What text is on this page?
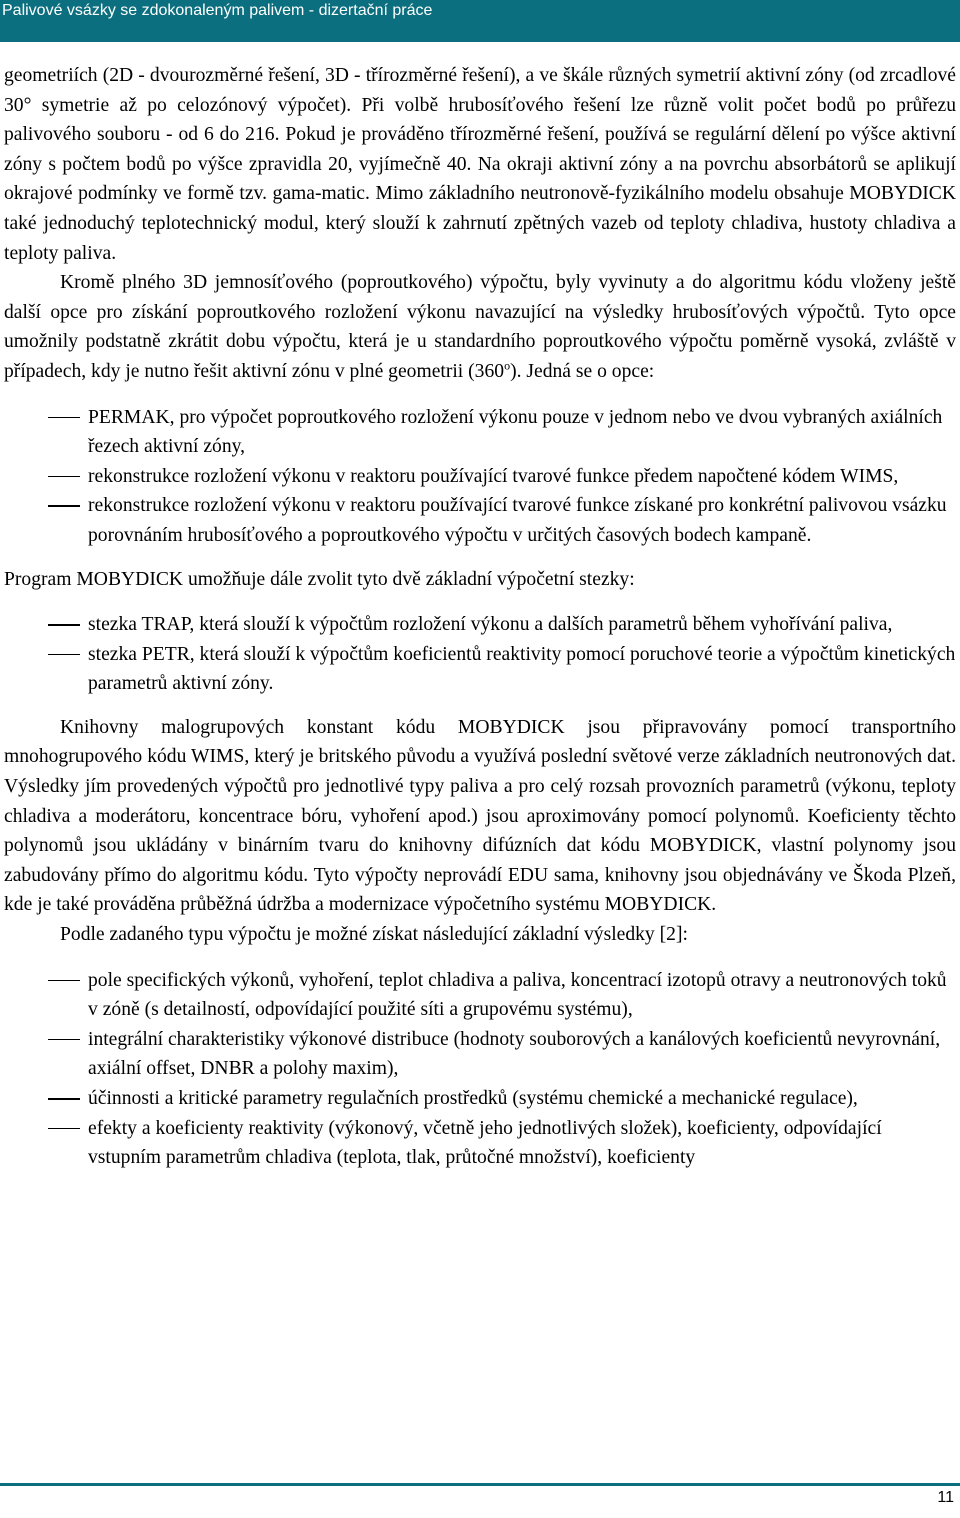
Palivové vsázky se zdokonaleným palivem - dizertační práce

geometriích (2D - dvourozměrné řešení, 3D - třírozměrné řešení), a ve škále různých symetrií aktivní zóny (od zrcadlové 30° symetrie až po celozónový výpočet). Při volbě hrubosíťového řešení lze různě volit počet bodů po průřezu palivového souboru - od 6 do 216. Pokud je prováděno třírozměrné řešení, používá se regulární dělení po výšce aktivní zóny s počtem bodů po výšce zpravidla 20, vyjímečně 40. Na okraji aktivní zóny a na povrchu absorbátorů se aplikují okrajové podmínky ve formě tzv. gama-matic. Mimo základního neutronově-fyzikálního modelu obsahuje MOBYDICK také jednoduchý teplotechnický modul, který slouží k zahrnutí zpětných vazeb od teploty chladiva, hustoty chladiva a teploty paliva.

Kromě plného 3D jemnosíťového (poproutkového) výpočtu, byly vyvinuty a do algoritmu kódu vloženy ještě další opce pro získání poproutkového rozložení výkonu navazující na výsledky hrubosíťových výpočtů. Tyto opce umožnily podstatně zkrátit dobu výpočtu, která je u standardního poproutkového výpočtu poměrně vysoká, zvláště v případech, kdy je nutno řešit aktivní zónu v plné geometrii (360$^o$). Jedná se o opce:

PERMAK, pro výpočet poproutkového rozložení výkonu pouze v jednom nebo ve dvou vybraných axiálních řezech aktivní zóny,
rekonstrukce rozložení výkonu v reaktoru používající tvarové funkce předem napočtené kódem WIMS,
rekonstrukce rozložení výkonu v reaktoru používající tvarové funkce získané pro konkrétní palivovou vsázku porovnáním hrubosíťového a poproutkového výpočtu v určitých časových bodech kampaně.

Program MOBYDICK umožňuje dále zvolit tyto dvě základní výpočetní stezky:

stezka TRAP, která slouží k výpočtům rozložení výkonu a dalších parametrů během vyhořívání paliva,
stezka PETR, která slouží k výpočtům koeficientů reaktivity pomocí poruchové teorie a výpočtům kinetických parametrů aktivní zóny.

Knihovny malogrupových konstant kódu MOBYDICK jsou připravovány pomocí transportního mnohogrupového kódu WIMS, který je britského původu a využívá poslední světové verze základních neutronových dat. Výsledky jím provedených výpočtů pro jednotlivé typy paliva a pro celý rozsah provozních parametrů (výkonu, teploty chladiva a moderátoru, koncentrace bóru, vyhoření apod.) jsou aproximovány pomocí polynomů. Koeficienty těchto polynomů jsou ukládány v binárním tvaru do knihovny difúzních dat kódu MOBYDICK, vlastní polynomy jsou zabudovány přímo do algoritmu kódu. Tyto výpočty neprovádí EDU sama, knihovny jsou objednávány ve Škoda Plzeň, kde je také prováděna průběžná údržba a modernizace výpočetního systému MOBYDICK.

Podle zadaného typu výpočtu je možné získat následující základní výsledky [2]:

pole specifických výkonů, vyhoření, teplot chladiva a paliva, koncentrací izotopů otravy a neutronových toků v zóně (s detailností, odpovídající použité síti a grupovému systému),
integrální charakteristiky výkonové distribuce (hodnoty souborových a kanálových koeficientů nevyrovnání, axiální offset, DNBR a polohy maxim),
účinnosti a kritické parametry regulačních prostředků (systému chemické a mechanické regulace),
efekty a koeficienty reaktivity (výkonový, včetně jeho jednotlivých složek), koeficienty, odpovídající vstupním parametrům chladiva (teplota, tlak, průtočné množství), koeficienty
11
